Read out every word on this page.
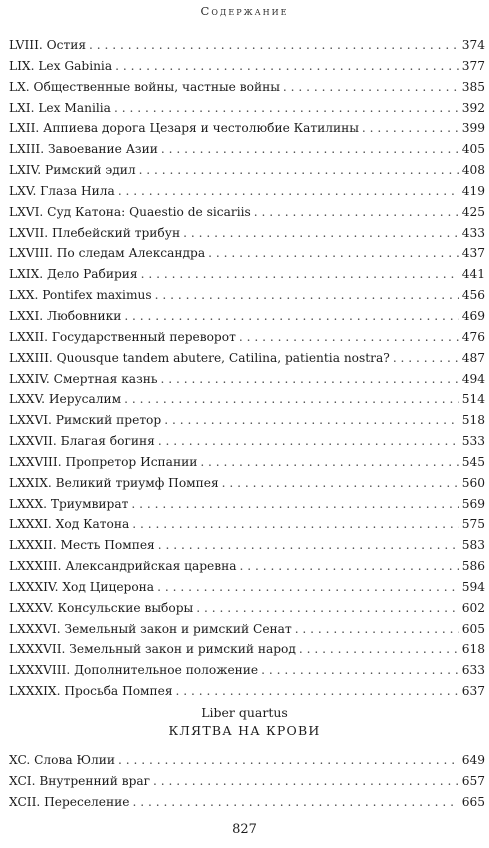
Содержание
LVIII. Остия . . .	374
LIX. Lex Gabinia . . .	377
LX. Общественные войны, частные войны . . .	385
LXI. Lex Manilia . . .	392
LXII. Аппиева дорога Цезаря и честолюбие Катилины . . .	399
LXIII. Завоевание Азии . . .	405
LXIV. Римский эдил . . .	408
LXV. Глаза Нила . . .	419
LXVI. Суд Катона: Quaestio de sicariis . . .	425
LXVII. Плебейский трибун . . .	433
LXVIII. По следам Александра . . .	437
LXIX. Дело Рабирия . . .	441
LXX. Pontifex maximus . . .	456
LXXI. Любовники . . .	469
LXXII. Государственный переворот . . .	476
LXXIII. Quousque tandem abutere, Catilina, patientia nostra? . . .	487
LXXIV. Смертная казнь . . .	494
LXXV. Иерусалим . . .	514
LXXVI. Римский претор . . .	518
LXXVII. Благая богиня . . .	533
LXXVIII. Пропретор Испании . . .	545
LXXIX. Великий триумф Помпея . . .	560
LXXX. Триумвират . . .	569
LXXXI. Ход Катона . . .	575
LXXXII. Месть Помпея . . .	583
LXXXIII. Александрийская царевна . . .	586
LXXXIV. Ход Цицерона . . .	594
LXXXV. Консульские выборы . . .	602
LXXXVI. Земельный закон и римский Сенат . . .	605
LXXXVII. Земельный закон и римский народ . . .	618
LXXXVIII. Дополнительное положение . . .	633
LXXXIX. Просьба Помпея . . .	637
Liber quartus
КЛЯТВА НА КРОВИ
XC. Слова Юлии . . .	649
XCI. Внутренний враг . . .	657
XCII. Переселение . . .	665
827
